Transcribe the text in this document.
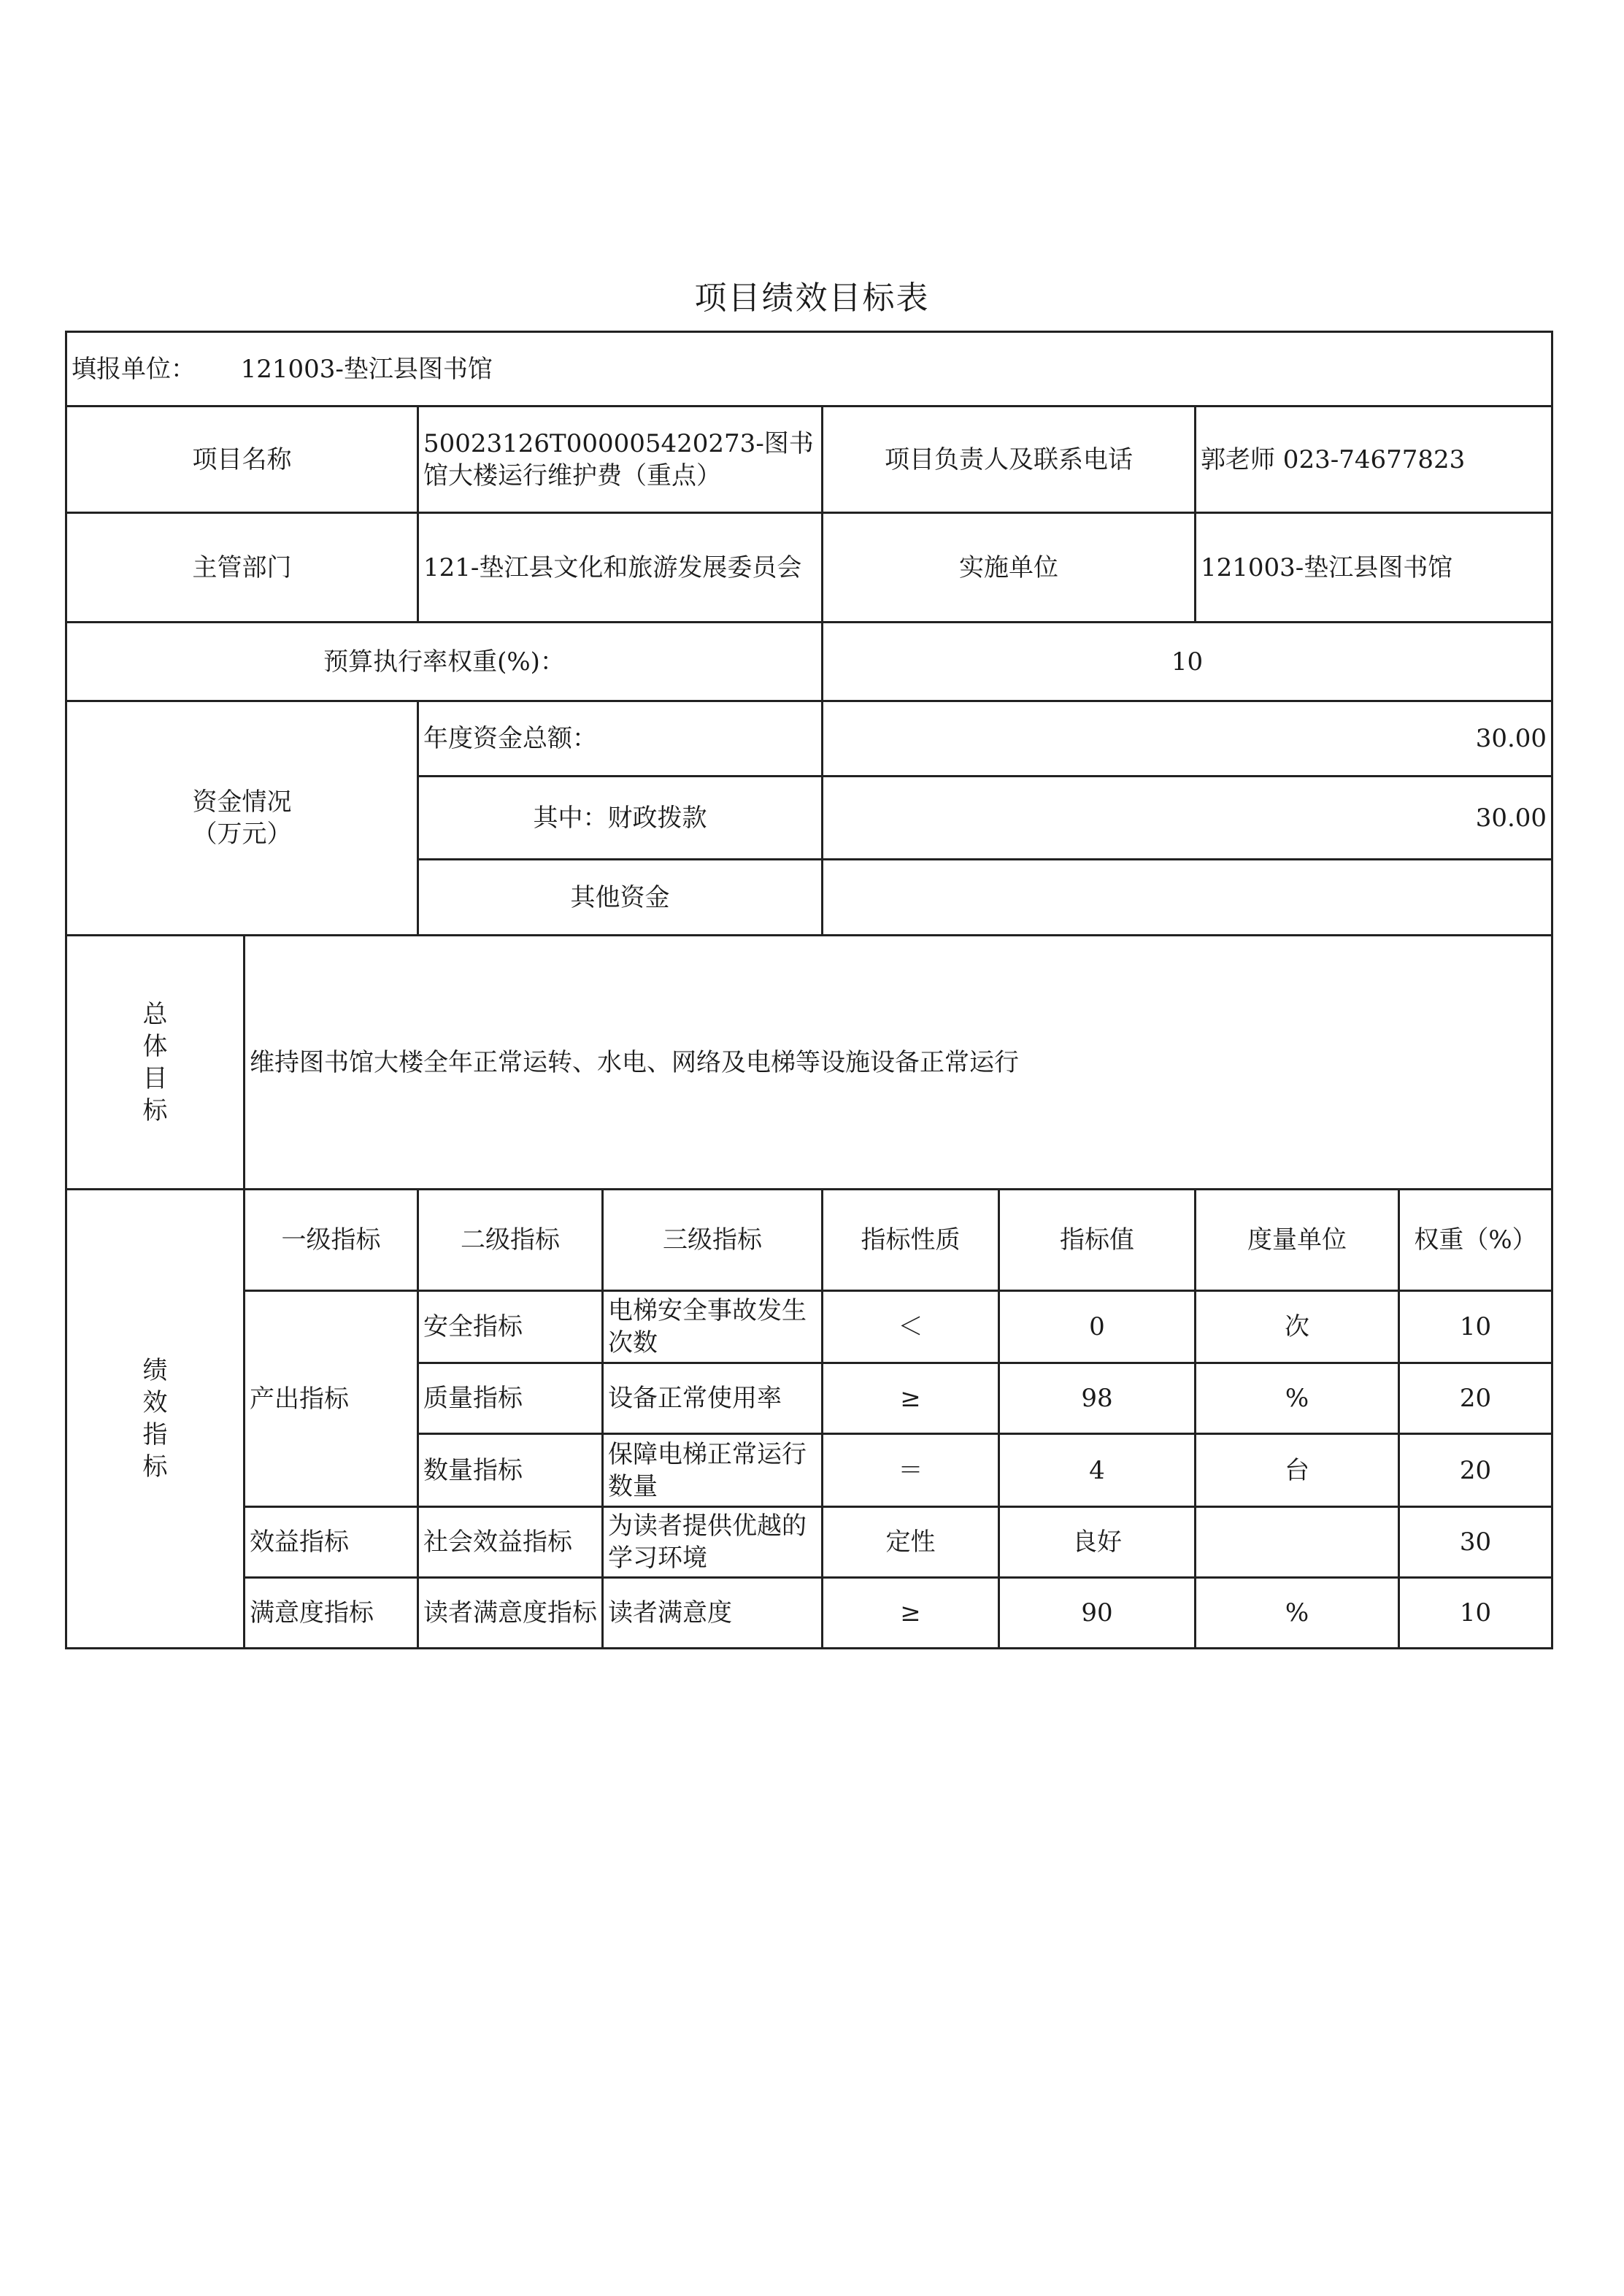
项目绩效目标表
填报单位： 121003-垫江县图书馆							
项目名称		50023126T000005420273-图书馆大楼运行维护费（重点）		项目负责人及联系电话		郭老师 023-74677823	
主管部门		121-垫江县文化和旅游发展委员会		实施单位		121003-垫江县图书馆	
预算执行率权重(%)：				10			

资金情况
（万元）		年度资金总额：		30.00			
		其中：财政拨款		30.00			
		其他资金					

总
体
目
标	维持图书馆大楼全年正常运转、水电、网络及电梯等设施设备正常运行						

绩
效
指
标	一级指标	二级指标	三级指标	指标性质	指标值	度量单位	权重（%）
	产出指标	安全指标	电梯安全事故发生次数	＜	0	次	10
		质量指标	设备正常使用率	≥	98	%	20
		数量指标	保障电梯正常运行数量	＝	4	台	20
	效益指标	社会效益指标	为读者提供优越的学习环境	定性	良好		30
	满意度指标	读者满意度指标	读者满意度	≥	90	%	10
